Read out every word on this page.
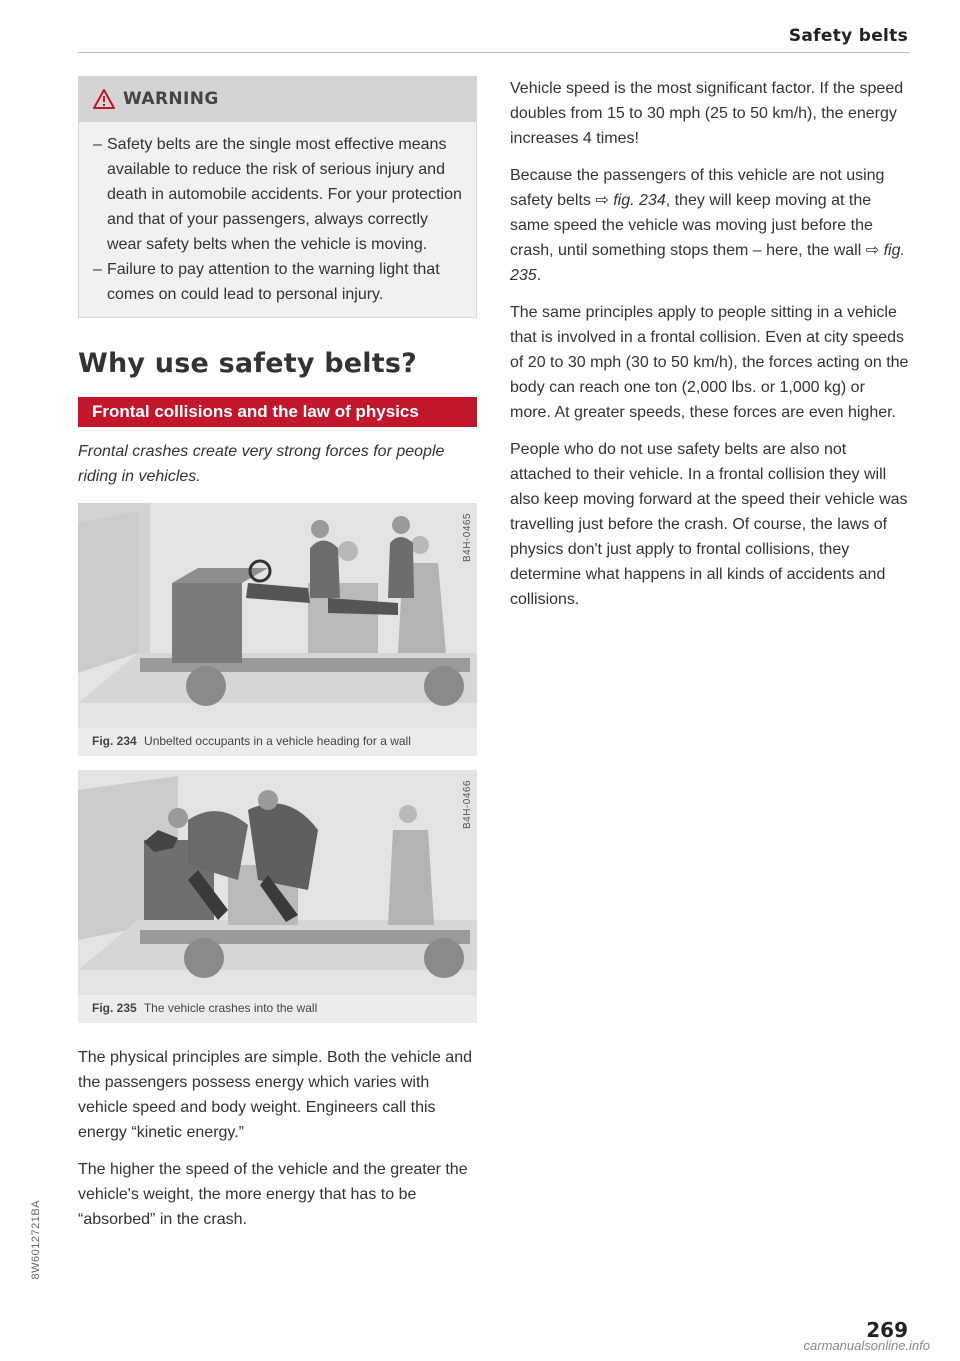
Safety belts
WARNING
– Safety belts are the single most effective means available to reduce the risk of serious injury and death in automobile accidents. For your protection and that of your passengers, always correctly wear safety belts when the vehicle is moving.
– Failure to pay attention to the warning light that comes on could lead to personal injury.
Why use safety belts?
Frontal collisions and the law of physics

Frontal crashes create very strong forces for people riding in vehicles.

B4H-0465
Fig. 234 Unbelted occupants in a vehicle heading for a wall
B4H-0466
Fig. 235 The vehicle crashes into the wall

The physical principles are simple. Both the vehicle and the passengers possess energy which varies with vehicle speed and body weight. Engineers call this energy “kinetic energy.”

The higher the speed of the vehicle and the greater the vehicle's weight, the more energy that has to be “absorbed” in the crash.

Vehicle speed is the most significant factor. If the speed doubles from 15 to 30 mph (25 to 50 km/h), the energy increases 4 times!

Because the passengers of this vehicle are not using safety belts ⇨ fig. 234, they will keep moving at the same speed the vehicle was moving just before the crash, until something stops them – here, the wall ⇨ fig. 235.

The same principles apply to people sitting in a vehicle that is involved in a frontal collision. Even at city speeds of 20 to 30 mph (30 to 50 km/h), the forces acting on the body can reach one ton (2,000 lbs. or 1,000 kg) or more. At greater speeds, these forces are even higher.

People who do not use safety belts are also not attached to their vehicle. In a frontal collision they will also keep moving forward at the speed their vehicle was travelling just before the crash. Of course, the laws of physics don't just apply to frontal collisions, they determine what happens in all kinds of accidents and collisions.

269
8W6012721BA
carmanualsonline.info
